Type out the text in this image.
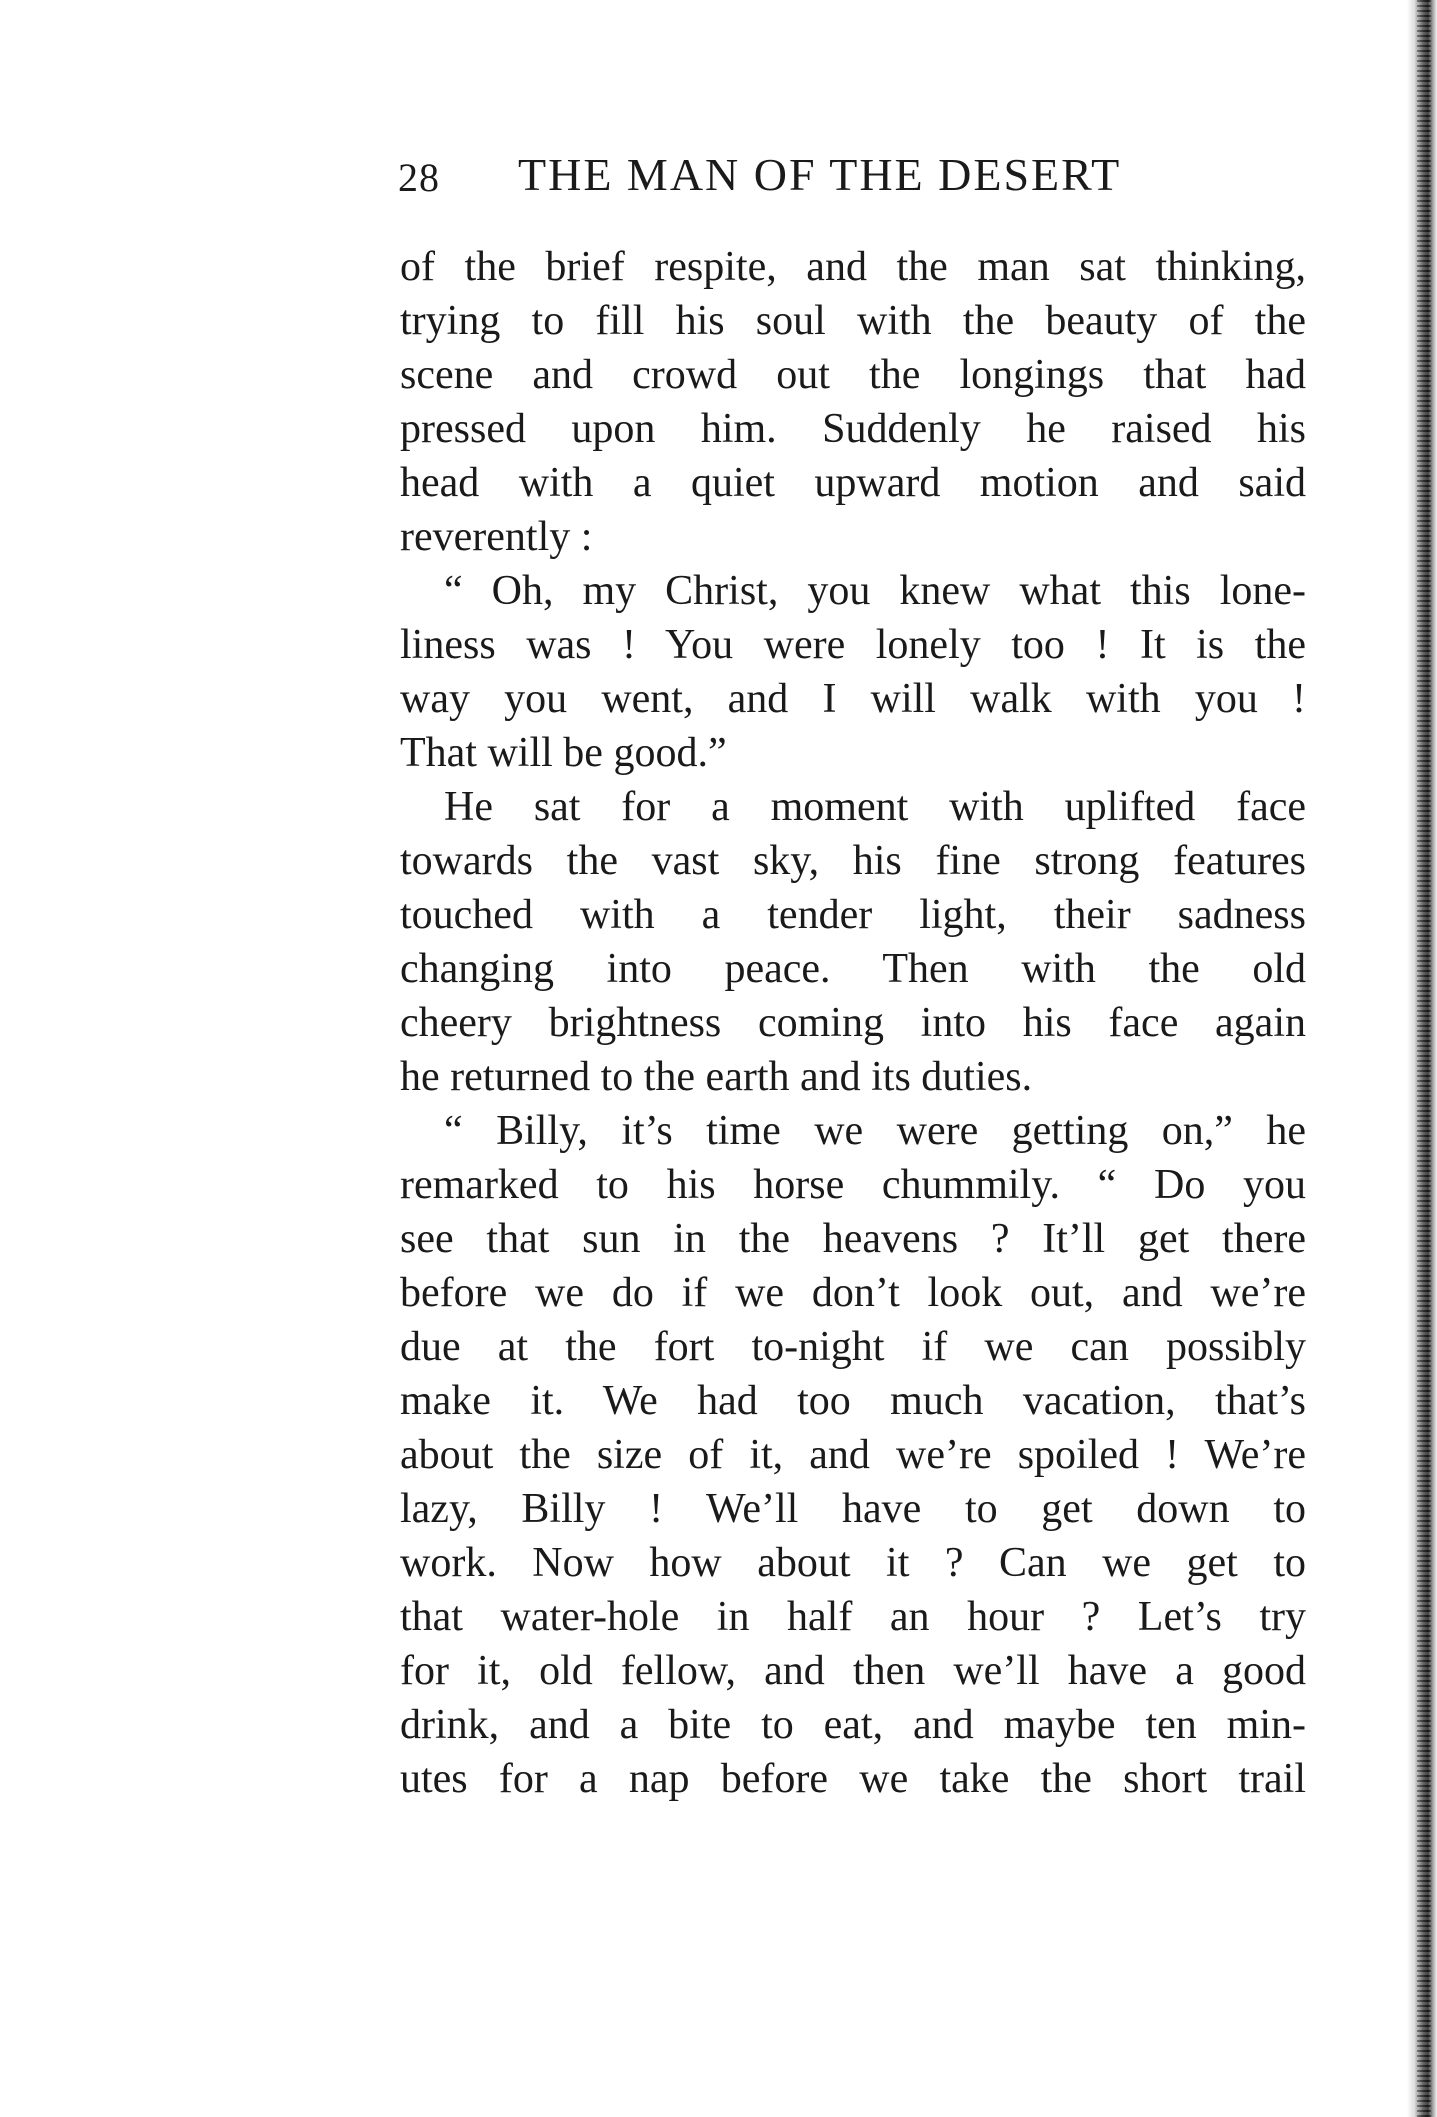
28 THE MAN OF THE DESERT
of the brief respite, and the man sat thinking,
trying to fill his soul with the beauty of the
scene and crowd out the longings that had
pressed upon him. Suddenly he raised his
head with a quiet upward motion and said
reverently :
“ Oh, my Christ, you knew what this lone-
liness was ! You were lonely too ! It is the
way you went, and I will walk with you !
That will be good.”
He sat for a moment with uplifted face
towards the vast sky, his fine strong features
touched with a tender light, their sadness
changing into peace. Then with the old
cheery brightness coming into his face again
he returned to the earth and its duties.
“ Billy, it’s time we were getting on,” he
remarked to his horse chummily. “ Do you
see that sun in the heavens ? It’ll get there
before we do if we don’t look out, and we’re
due at the fort to-night if we can possibly
make it. We had too much vacation, that’s
about the size of it, and we’re spoiled ! We’re
lazy, Billy ! We’ll have to get down to
work. Now how about it ? Can we get to
that water-hole in half an hour ? Let’s try
for it, old fellow, and then we’ll have a good
drink, and a bite to eat, and maybe ten min-
utes for a nap before we take the short trail
